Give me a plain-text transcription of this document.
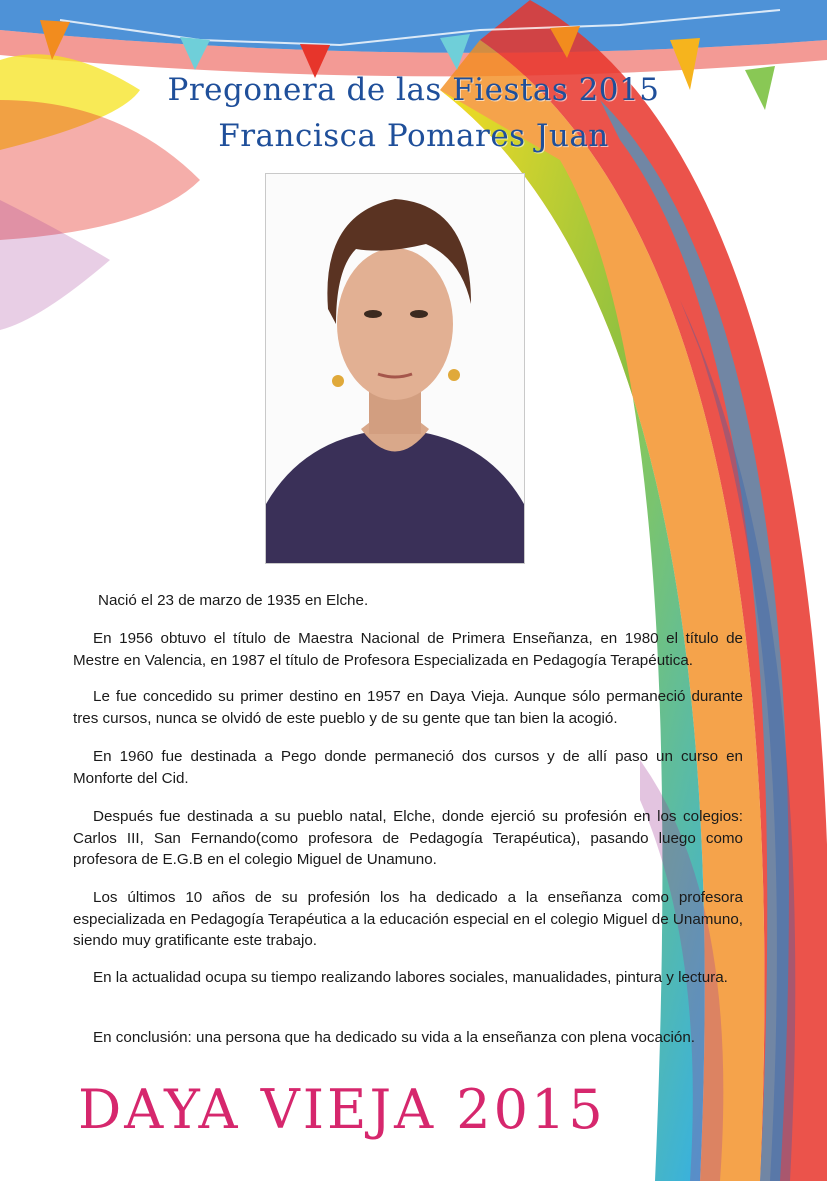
Pregonera de las Fiestas 2015
Francisca Pomares Juan

Nació el 23 de marzo de 1935 en Elche.

En 1956 obtuvo el título de Maestra Nacional de Primera Enseñanza, en 1980 el título de Mestre en Valencia, en 1987 el título de Profesora Especializada en Pedagogía Terapéutica.

Le fue concedido su primer destino en 1957 en Daya Vieja. Aunque sólo permaneció durante tres cursos, nunca se olvidó de este pueblo y de su gente que tan bien la acogió.

En 1960 fue destinada a Pego donde permaneció dos cursos y de allí paso un curso en Monforte del Cid.

Después fue destinada a su pueblo natal, Elche, donde ejerció su profesión en los colegios: Carlos III, San Fernando(como profesora de Pedagogía Terapéutica), pasando luego como profesora de E.G.B en el colegio Miguel de Unamuno.

Los últimos 10 años de su profesión los ha dedicado a la enseñanza como profesora especializada en Pedagogía Terapéutica a la educación especial en el colegio Miguel de Unamuno, siendo muy gratificante este trabajo.

En la actualidad ocupa su tiempo realizando labores sociales, manualidades, pintura y lectura.

En conclusión: una persona que ha dedicado su vida a la enseñanza con plena vocación.

DAYA VIEJA 2015
